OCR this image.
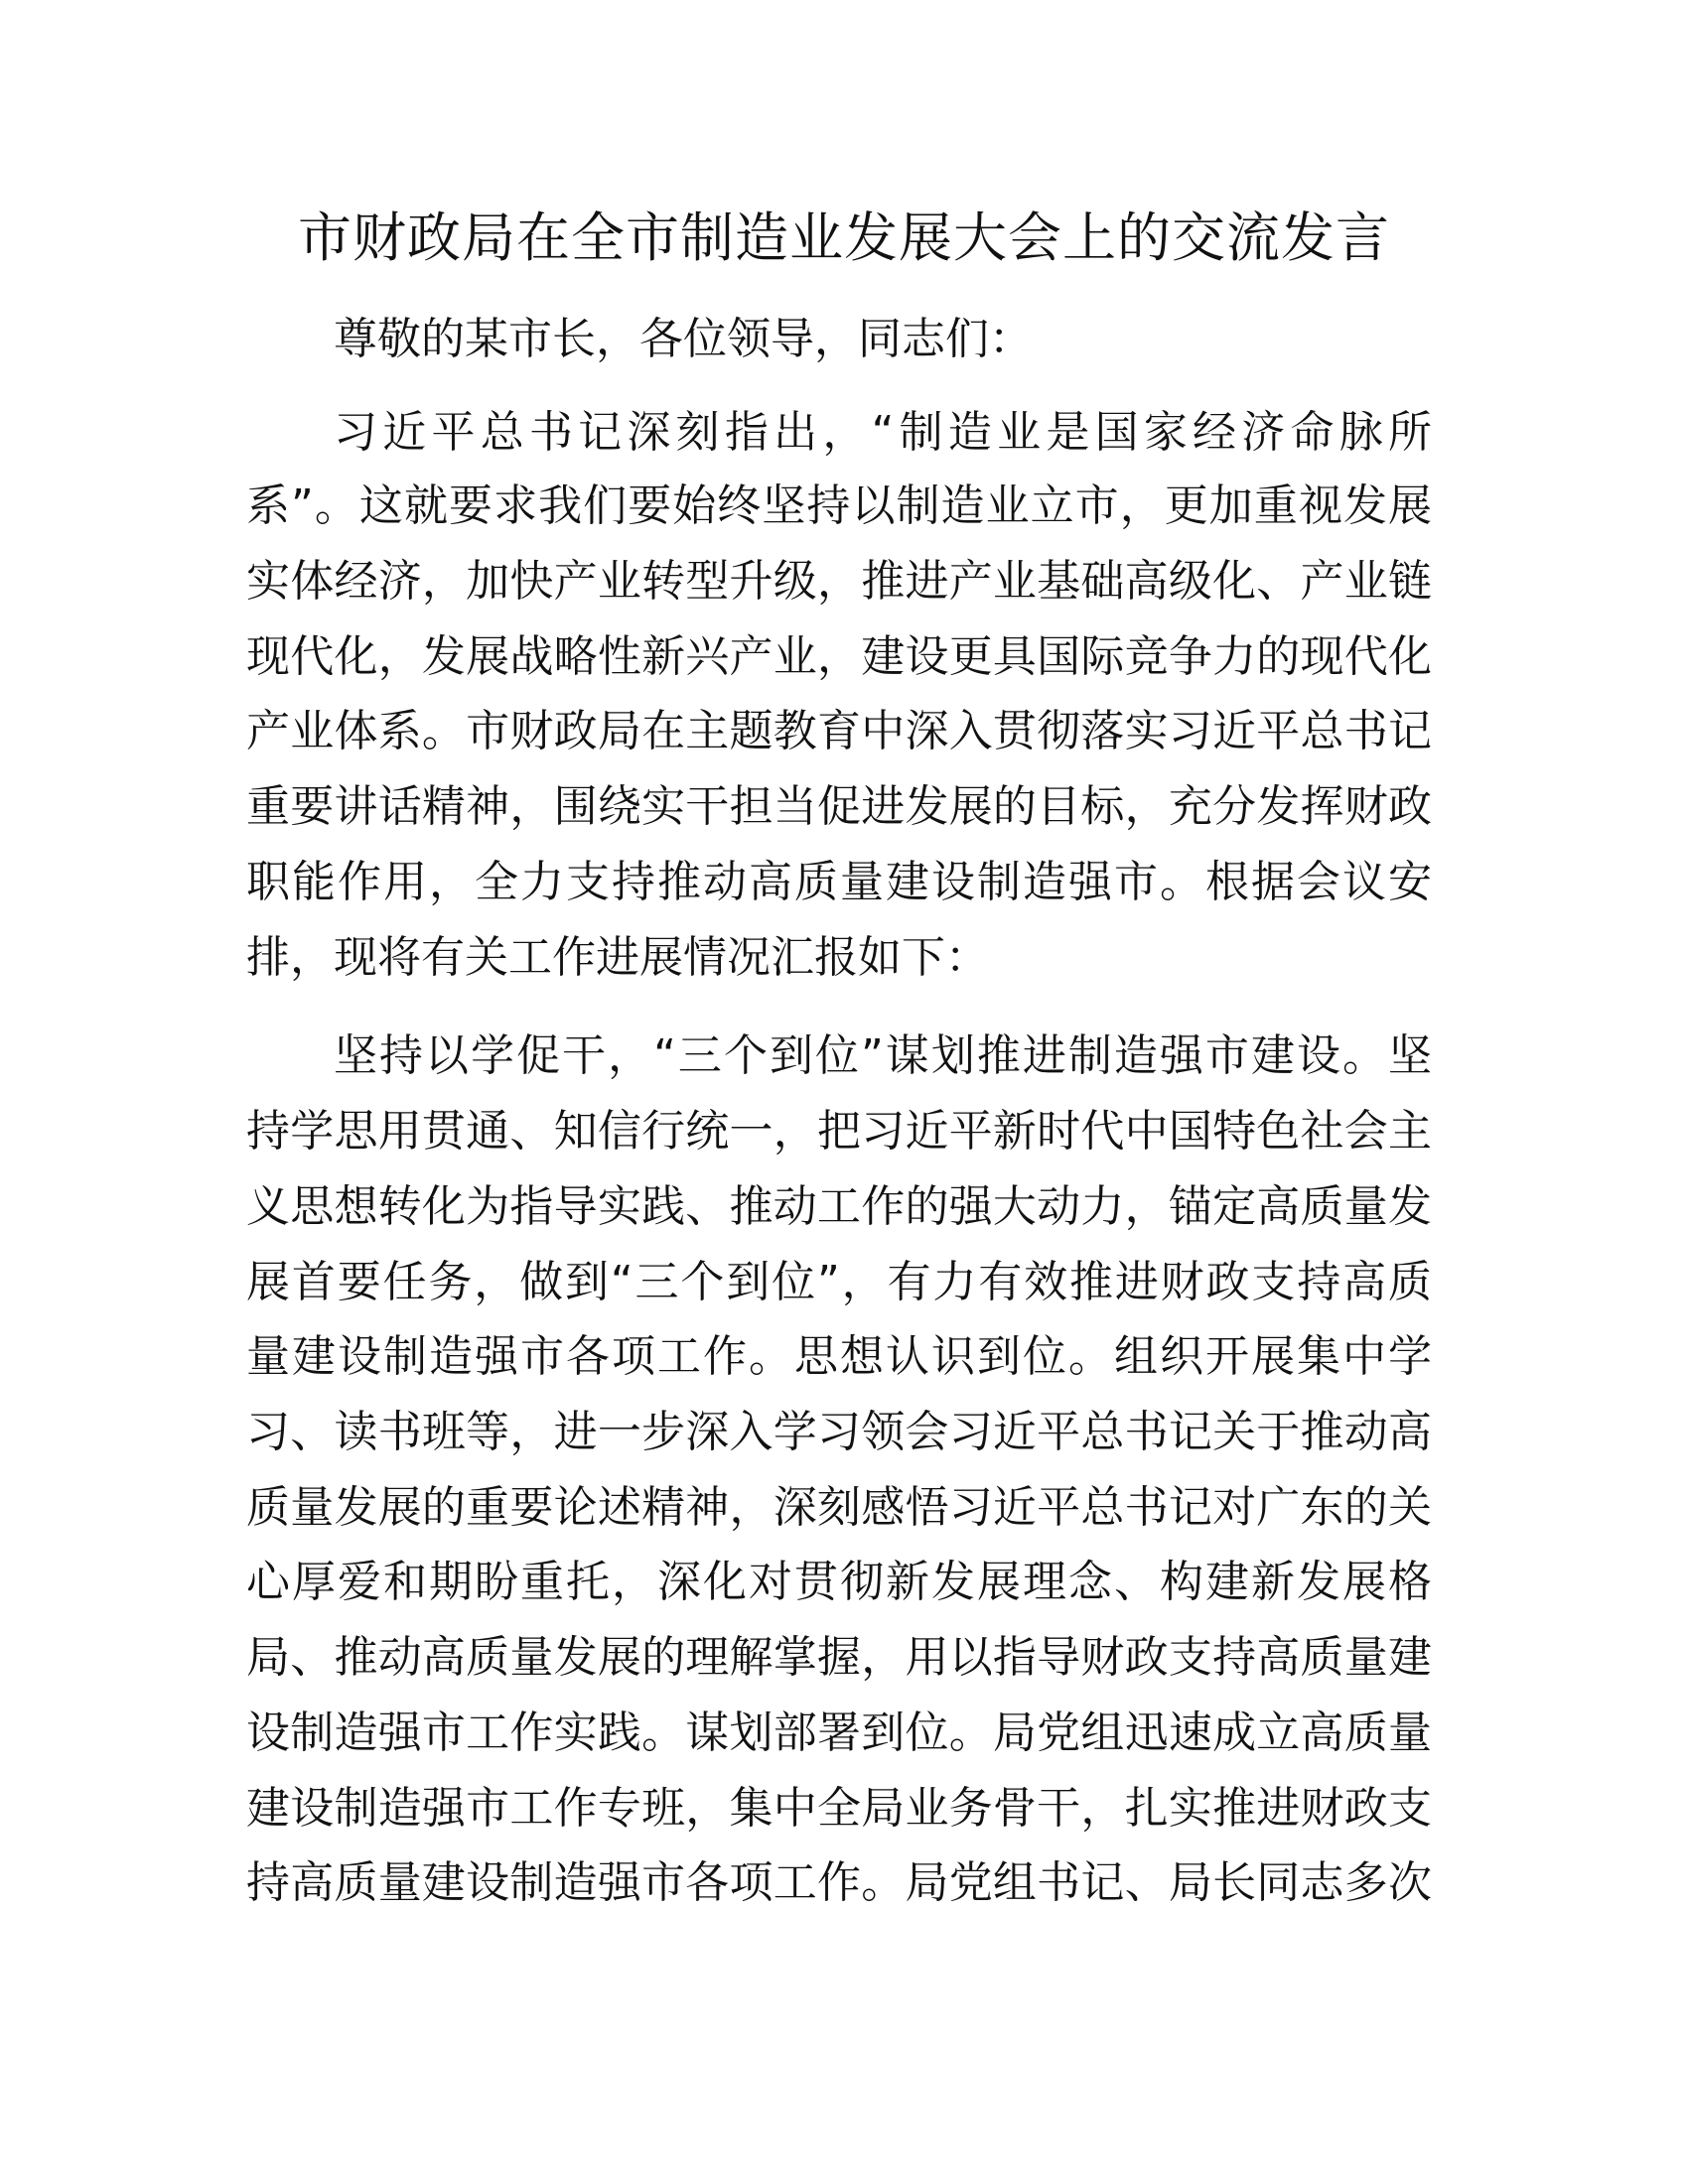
市财政局在全市制造业发展大会上的交流发言
尊敬的某市长，各位领导，同志们：
习近平总书记深刻指出，“制造业是国家经济命脉所
系”。这就要求我们要始终坚持以制造业立市，更加重视发展
实体经济，加快产业转型升级，推进产业基础高级化、产业链
现代化，发展战略性新兴产业，建设更具国际竞争力的现代化
产业体系。市财政局在主题教育中深入贯彻落实习近平总书记
重要讲话精神，围绕实干担当促进发展的目标，充分发挥财政
职能作用，全力支持推动高质量建设制造强市。根据会议安
排，现将有关工作进展情况汇报如下：
坚持以学促干，“三个到位”谋划推进制造强市建设。坚
持学思用贯通、知信行统一，把习近平新时代中国特色社会主
义思想转化为指导实践、推动工作的强大动力，锚定高质量发
展首要任务，做到“三个到位”，有力有效推进财政支持高质
量建设制造强市各项工作。思想认识到位。组织开展集中学
习、读书班等，进一步深入学习领会习近平总书记关于推动高
质量发展的重要论述精神，深刻感悟习近平总书记对广东的关
心厚爱和期盼重托，深化对贯彻新发展理念、构建新发展格
局、推动高质量发展的理解掌握，用以指导财政支持高质量建
设制造强市工作实践。谋划部署到位。局党组迅速成立高质量
建设制造强市工作专班，集中全局业务骨干，扎实推进财政支
持高质量建设制造强市各项工作。局党组书记、局长同志多次
